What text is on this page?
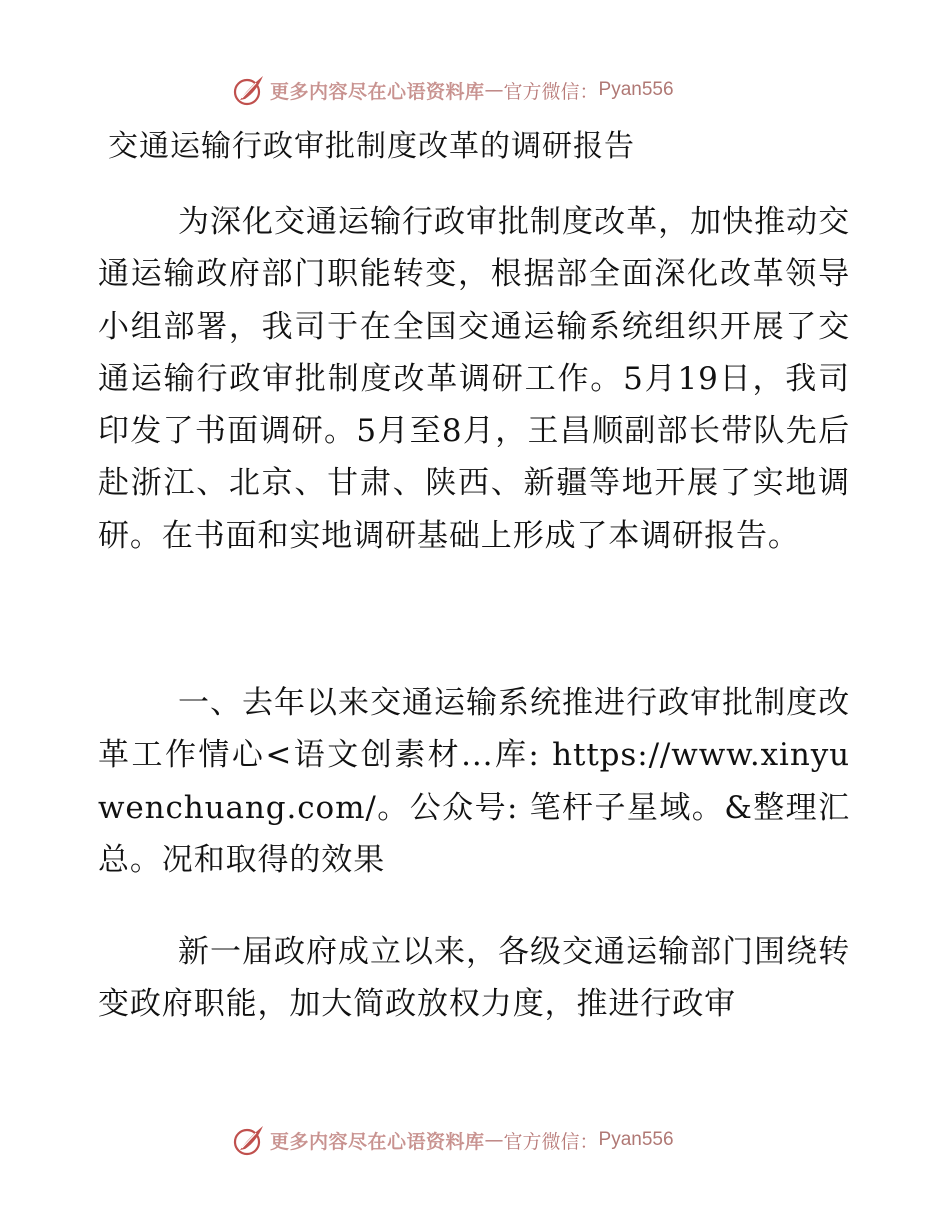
更多内容尽在心语资料库 — 官方微信： Pyan556
交通运输行政审批制度改革的调研报告

为深化交通运输行政审批制度改革，加快推动交通运输政府部门职能转变，根据部全面深化改革领导小组部署，我司于在全国交通运输系统组织开展了交通运输行政审批制度改革调研工作。5月19日，我司印发了书面调研。5月至8月，王昌顺副部长带队先后赴浙江、北京、甘肃、陕西、新疆等地开展了实地调研。在书面和实地调研基础上形成了本调研报告。

一、去年以来交通运输系统推进行政审批制度改革工作情心<语文创素材...库: https://www.xinyuwenchuang.com/。公众号: 笔杆子星域。&整理汇总。况和取得的效果

新一届政府成立以来，各级交通运输部门围绕转变政府职能，加大简政放权力度，推进行政审

更多内容尽在心语资料库 — 官方微信： Pyan556
